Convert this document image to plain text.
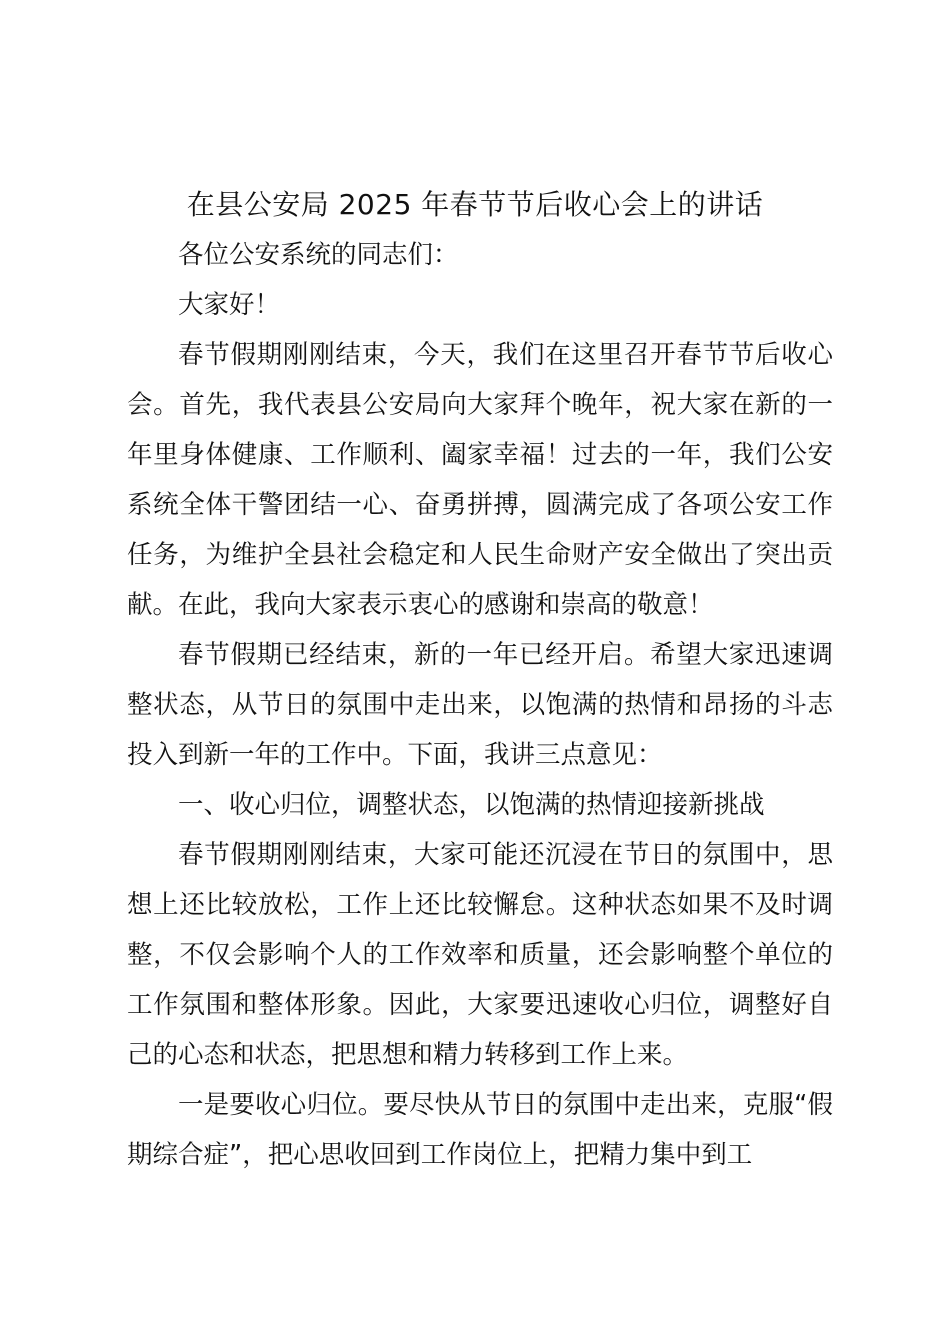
在县公安局 2025 年春节节后收心会上的讲话

各位公安系统的同志们：

大家好！

春节假期刚刚结束，今天，我们在这里召开春节节后收心会。首先，我代表县公安局向大家拜个晚年，祝大家在新的一年里身体健康、工作顺利、阖家幸福！过去的一年，我们公安系统全体干警团结一心、奋勇拼搏，圆满完成了各项公安工作任务，为维护全县社会稳定和人民生命财产安全做出了突出贡献。在此，我向大家表示衷心的感谢和崇高的敬意！

春节假期已经结束，新的一年已经开启。希望大家迅速调整状态，从节日的氛围中走出来，以饱满的热情和昂扬的斗志投入到新一年的工作中。下面，我讲三点意见：

一、收心归位，调整状态，以饱满的热情迎接新挑战

春节假期刚刚结束，大家可能还沉浸在节日的氛围中，思想上还比较放松，工作上还比较懈怠。这种状态如果不及时调整，不仅会影响个人的工作效率和质量，还会影响整个单位的工作氛围和整体形象。因此，大家要迅速收心归位，调整好自己的心态和状态，把思想和精力转移到工作上来。

一是要收心归位。要尽快从节日的氛围中走出来，克服“假期综合症”，把心思收回到工作岗位上，把精力集中到工
